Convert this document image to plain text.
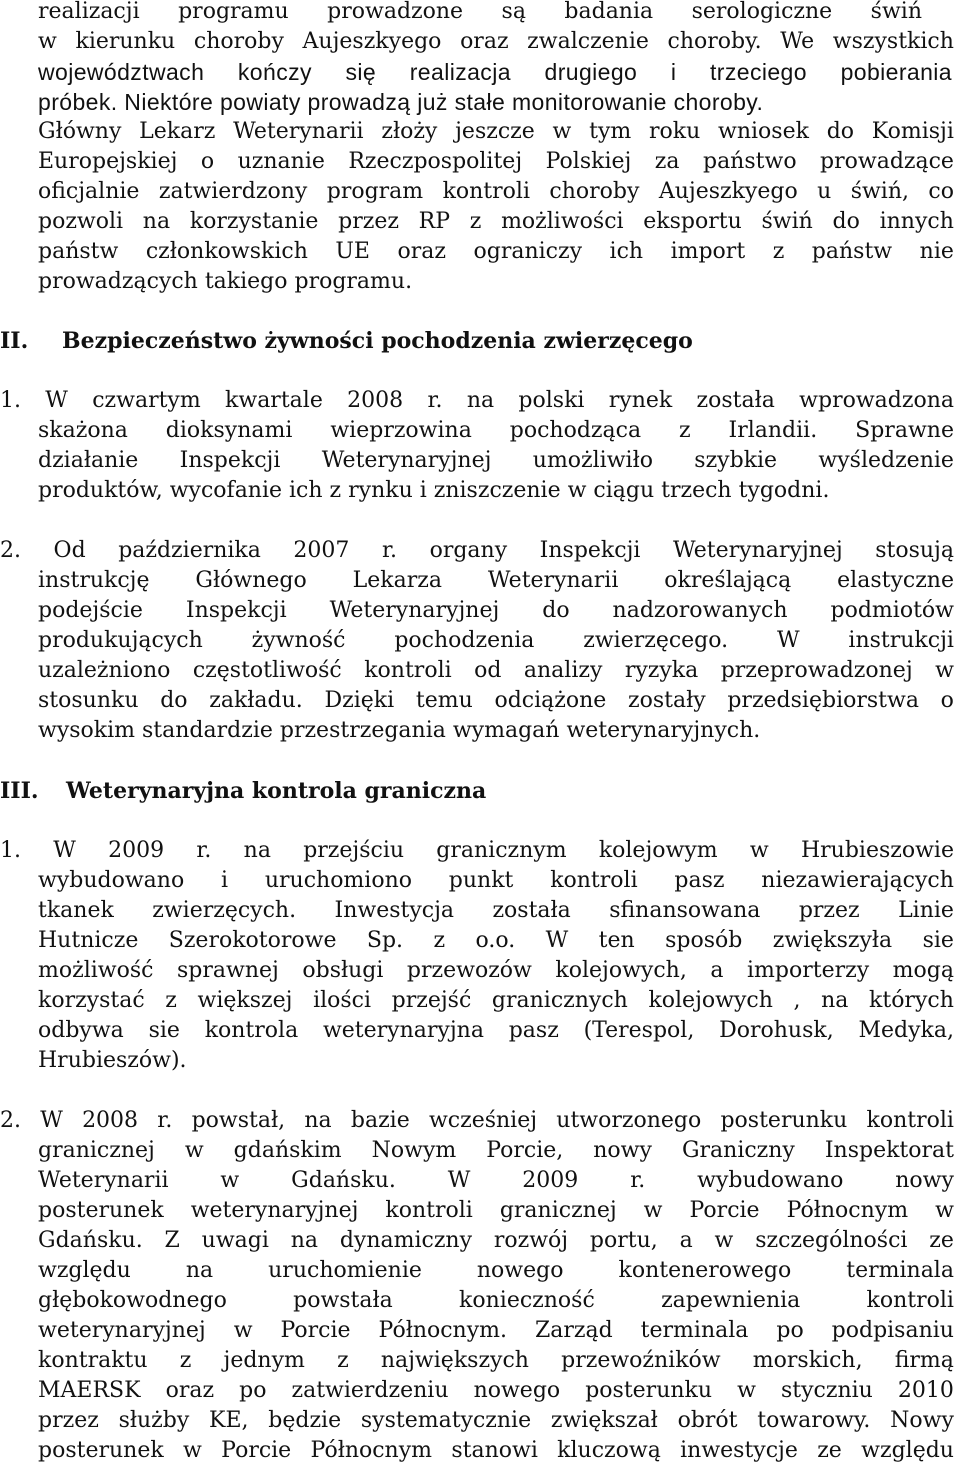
realizacji programu prowadzone są badania serologiczne świń
w kierunku choroby Aujeszkyego oraz zwalczenie choroby. We wszystkich
województwach kończy się realizacja drugiego i trzeciego pobierania
próbek. Niektóre powiaty prowadzą już stałe monitorowanie choroby.
Główny Lekarz Weterynarii złoży jeszcze w tym roku wniosek do Komisji
Europejskiej o uznanie Rzeczpospolitej Polskiej za państwo prowadzące
oficjalnie zatwierdzony program kontroli choroby Aujeszkyego u świń, co
pozwoli na korzystanie przez RP z możliwości eksportu świń do innych
państw członkowskich UE oraz ograniczy ich import z państw nie
prowadzących takiego programu.
II. Bezpieczeństwo żywności pochodzenia zwierzęcego
1. W czwartym kwartale 2008 r. na polski rynek została wprowadzona
skażona dioksynami wieprzowina pochodząca z Irlandii. Sprawne
działanie Inspekcji Weterynaryjnej umożliwiło szybkie wyśledzenie
produktów, wycofanie ich z rynku i zniszczenie w ciągu trzech tygodni.
2. Od października 2007 r. organy Inspekcji Weterynaryjnej stosują
instrukcję Głównego Lekarza Weterynarii określającą elastyczne
podejście Inspekcji Weterynaryjnej do nadzorowanych podmiotów
produkujących żywność pochodzenia zwierzęcego. W instrukcji
uzależniono częstotliwość kontroli od analizy ryzyka przeprowadzonej w
stosunku do zakładu. Dzięki temu odciążone zostały przedsiębiorstwa o
wysokim standardzie przestrzegania wymagań weterynaryjnych.
III. Weterynaryjna kontrola graniczna
1. W 2009 r. na przejściu granicznym kolejowym w Hrubieszowie
wybudowano i uruchomiono punkt kontroli pasz niezawierających
tkanek zwierzęcych. Inwestycja została sfinansowana przez Linie
Hutnicze Szerokotorowe Sp. z o.o. W ten sposób zwiększyła sie
możliwość sprawnej obsługi przewozów kolejowych, a importerzy mogą
korzystać z większej ilości przejść granicznych kolejowych , na których
odbywa sie kontrola weterynaryjna pasz (Terespol, Dorohusk, Medyka,
Hrubieszów).
2. W 2008 r. powstał, na bazie wcześniej utworzonego posterunku kontroli
granicznej w gdańskim Nowym Porcie, nowy Graniczny Inspektorat
Weterynarii w Gdańsku. W 2009 r. wybudowano nowy
posterunek weterynaryjnej kontroli granicznej w Porcie Północnym w
Gdańsku. Z uwagi na dynamiczny rozwój portu, a w szczególności ze
względu	na	uruchomienie	nowego	kontenerowego	terminala
głębokowodnego	powstała	konieczność	zapewnienia	kontroli
weterynaryjnej w Porcie Północnym. Zarząd terminala po podpisaniu
kontraktu z jednym z największych przewoźników morskich, firmą
MAERSK oraz po zatwierdzeniu nowego posterunku w styczniu 2010
przez służby KE, będzie systematycznie zwiększał obrót towarowy. Nowy
posterunek w Porcie Północnym stanowi kluczową inwestycje ze względu
